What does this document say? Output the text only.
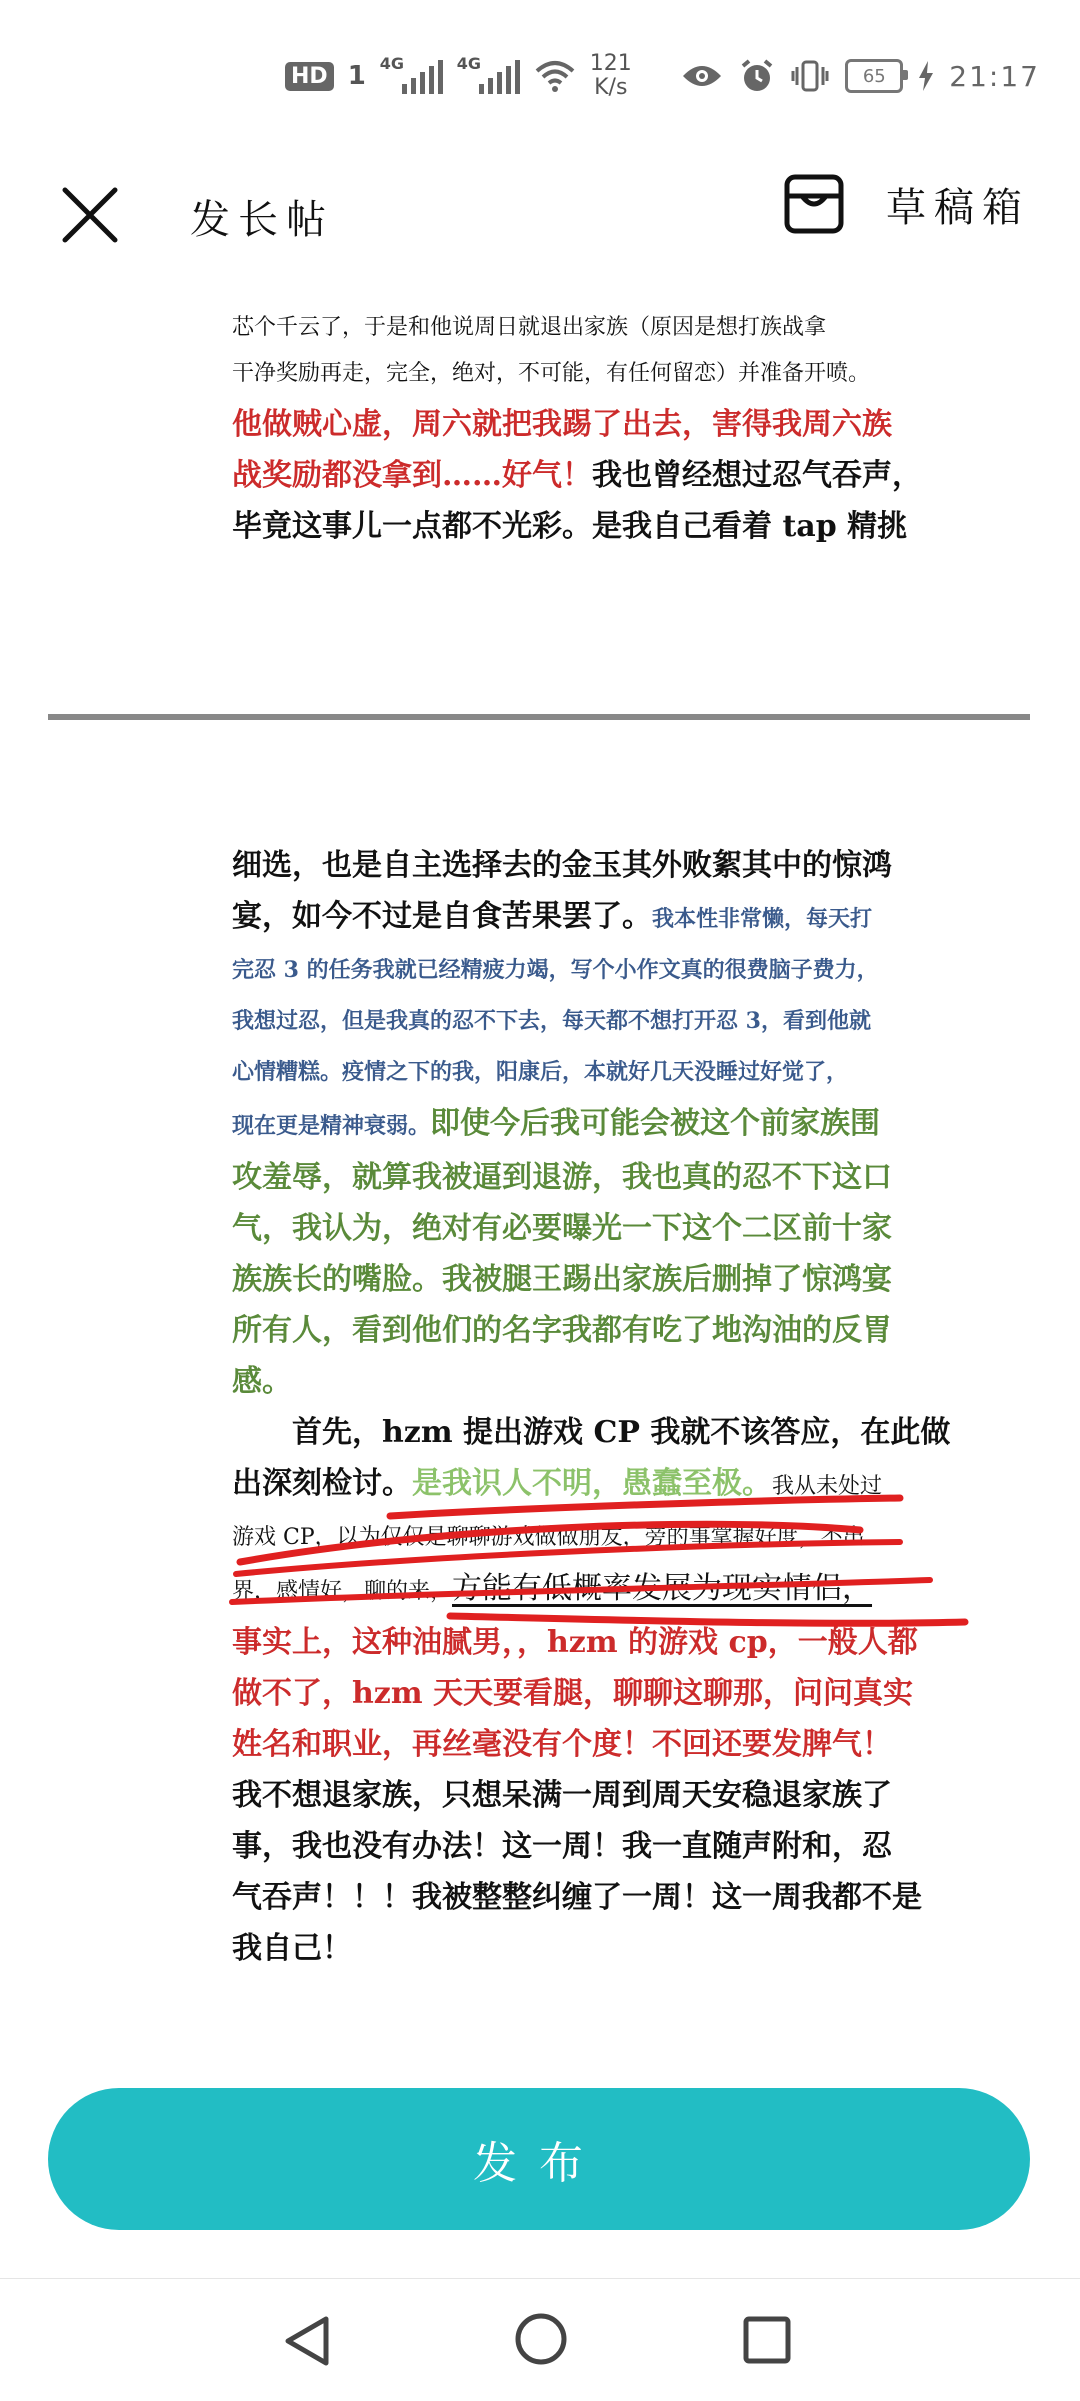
HD 1 4G	4G	121
K/s	65	21:17
发长帖	草稿箱
芯个千云了，于是和他说周日就退出家族（原因是想打族战拿

干净奖励再走，完全，绝对，不可能，有任何留恋）并准备开喷。

他做贼心虚，周六就把我踢了出去，害得我周六族

战奖励都没拿到……好气！我也曾经想过忍气吞声，

毕竟这事儿一点都不光彩。是我自己看着 tap 精挑

细选，也是自主选择去的金玉其外败絮其中的惊鸿

宴，如今不过是自食苦果罢了。我本性非常懒，每天打

完忍 3 的任务我就已经精疲力竭，写个小作文真的很费脑子费力，

我想过忍，但是我真的忍不下去，每天都不想打开忍 3，看到他就

心情糟糕。疫情之下的我，阳康后，本就好几天没睡过好觉了，

现在更是精神衰弱。即使今后我可能会被这个前家族围

攻羞辱，就算我被逼到退游，我也真的忍不下这口

气，我认为，绝对有必要曝光一下这个二区前十家

族族长的嘴脸。我被腿王踢出家族后删掉了惊鸿宴

所有人，看到他们的名字我都有吃了地沟油的反胃

感。

首先，hzm 提出游戏 CP 我就不该答应，在此做

出深刻检讨。是我识人不明，愚蠢至极。我从未处过

游戏 CP，以为仅仅是聊聊游戏做做朋友，旁的事掌握好度，不出

界，感情好，聊的来，方能有低概率发展为现实情侣，

事实上，这种油腻男，，hzm 的游戏 cp，一般人都

做不了，hzm 天天要看腿，聊聊这聊那，问问真实

姓名和职业，再丝毫没有个度！不回还要发脾气！

我不想退家族，只想呆满一周到周天安稳退家族了

事，我也没有办法！这一周！我一直随声附和，忍

气吞声！！！我被整整纠缠了一周！这一周我都不是

我自己！

发布
